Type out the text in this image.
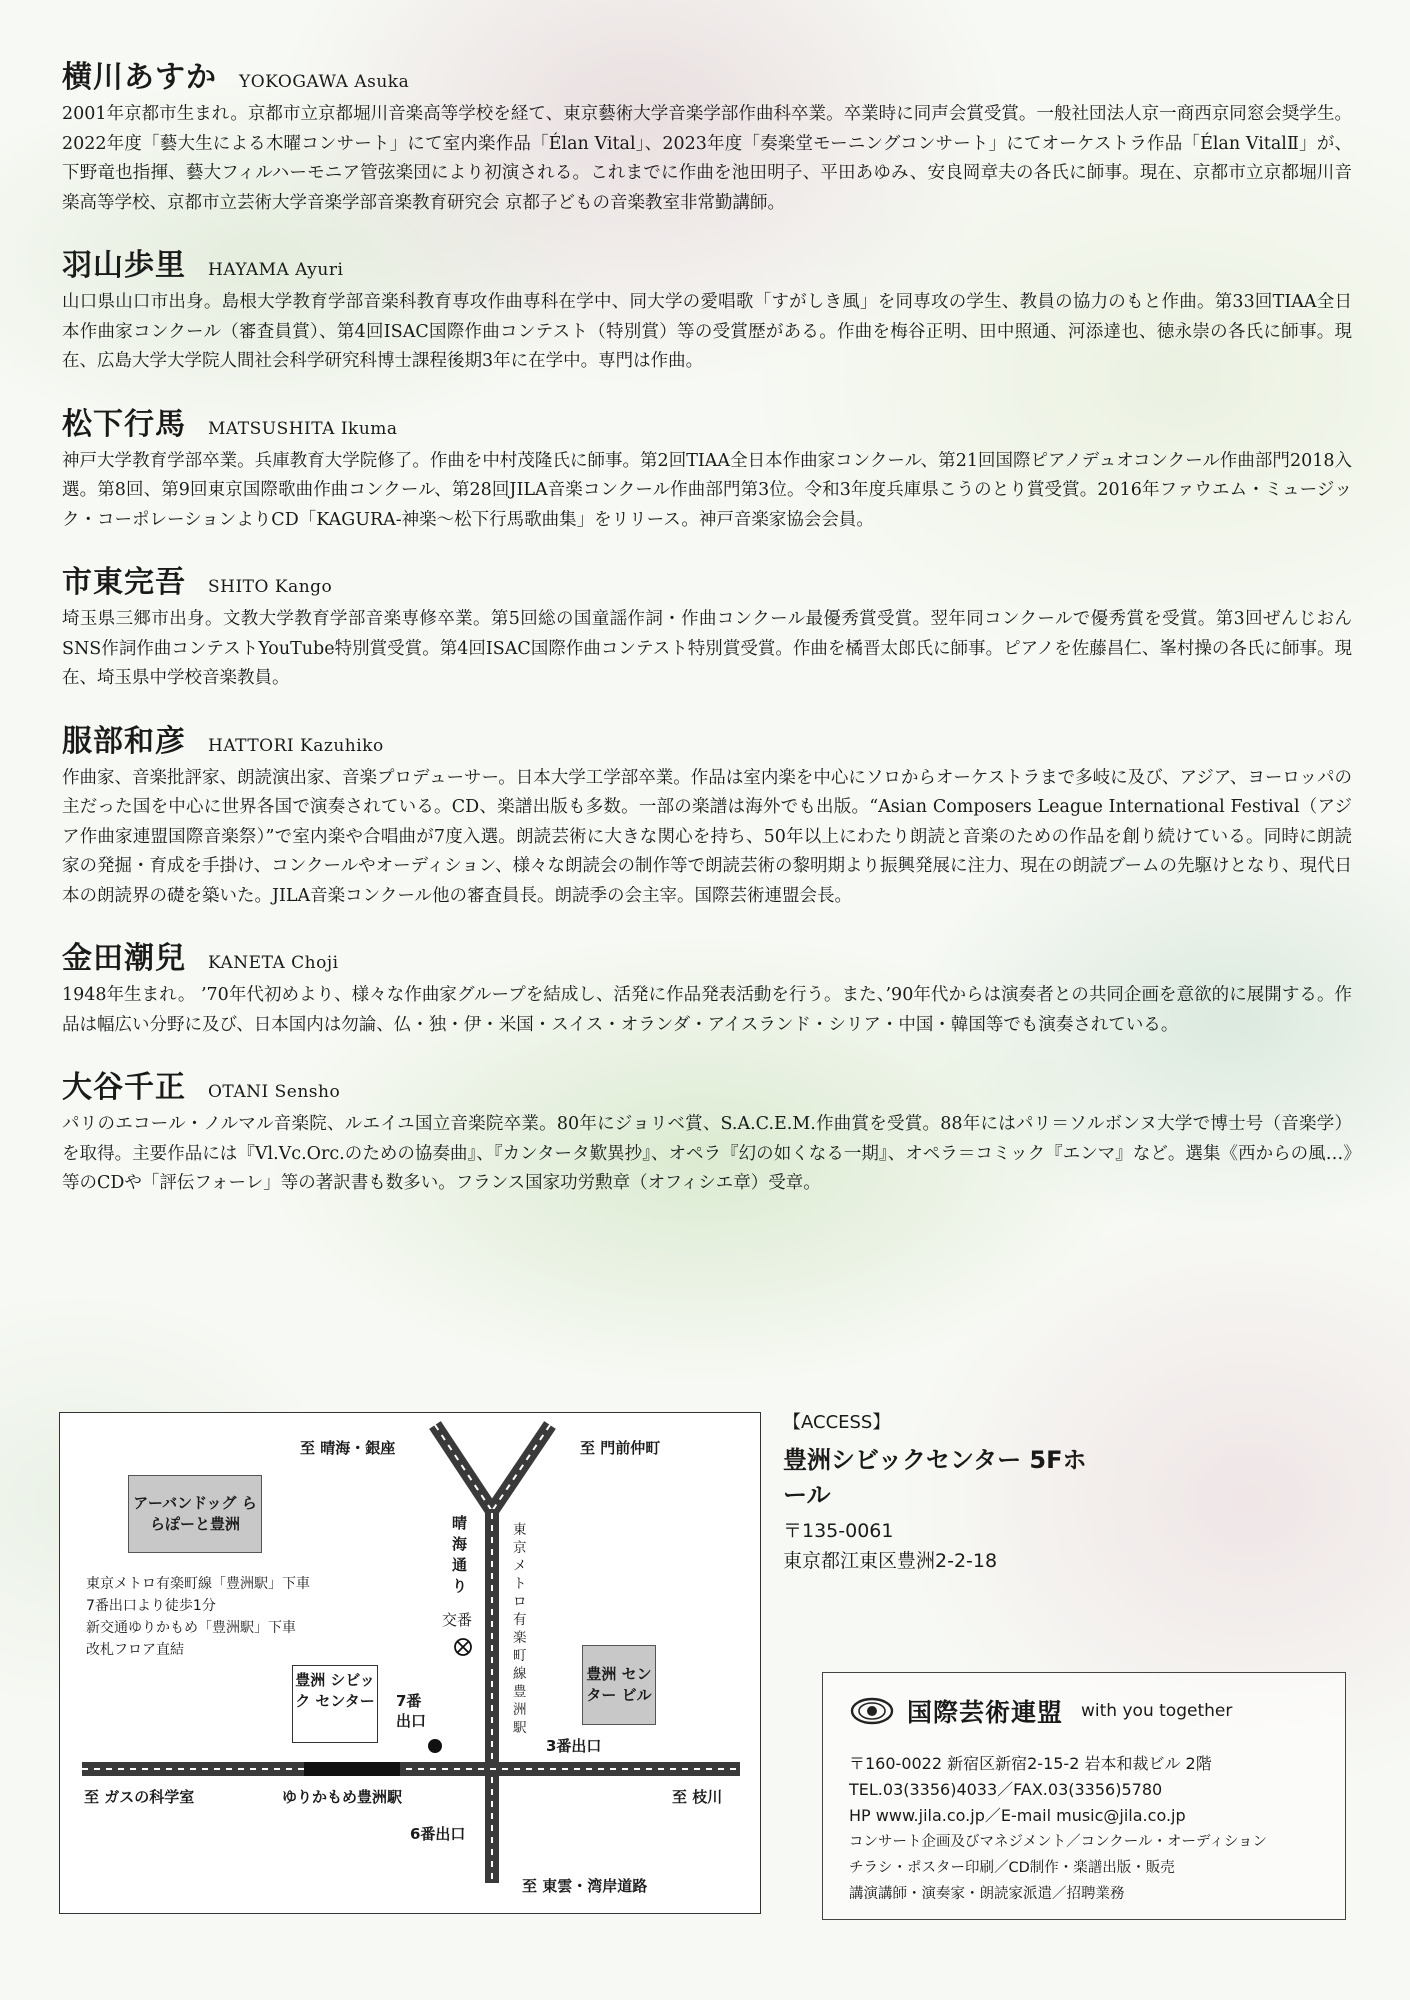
横川あすか YOKOGAWA Asuka
2001年京都市生まれ。京都市立京都堀川音楽高等学校を経て、東京藝術大学音楽学部作曲科卒業。卒業時に同声会賞受賞。一般社団法人京一商西京同窓会奨学生。2022年度「藝大生による木曜コンサート」にて室内楽作品「Élan Vital」、2023年度「奏楽堂モーニングコンサート」にてオーケストラ作品「Élan VitalⅡ」が、下野竜也指揮、藝大フィルハーモニア管弦楽団により初演される。これまでに作曲を池田明子、平田あゆみ、安良岡章夫の各氏に師事。現在、京都市立京都堀川音楽高等学校、京都市立芸術大学音楽学部音楽教育研究会 京都子どもの音楽教室非常勤講師。
羽山歩里 HAYAMA Ayuri
山口県山口市出身。島根大学教育学部音楽科教育専攻作曲専科在学中、同大学の愛唱歌「すがしき風」を同専攻の学生、教員の協力のもと作曲。第33回TIAA全日本作曲家コンクール（審査員賞）、第4回ISAC国際作曲コンテスト（特別賞）等の受賞歴がある。作曲を梅谷正明、田中照通、河添達也、徳永崇の各氏に師事。現在、広島大学大学院人間社会科学研究科博士課程後期3年に在学中。専門は作曲。
松下行馬 MATSUSHITA Ikuma
神戸大学教育学部卒業。兵庫教育大学院修了。作曲を中村茂隆氏に師事。第2回TIAA全日本作曲家コンクール、第21回国際ピアノデュオコンクール作曲部門2018入選。第8回、第9回東京国際歌曲作曲コンクール、第28回JILA音楽コンクール作曲部門第3位。令和3年度兵庫県こうのとり賞受賞。2016年ファウエム・ミュージック・コーポレーションよりCD「KAGURA-神楽～松下行馬歌曲集」をリリース。神戸音楽家協会会員。
市東完吾 SHITO Kango
埼玉県三郷市出身。文教大学教育学部音楽専修卒業。第5回総の国童謡作詞・作曲コンクール最優秀賞受賞。翌年同コンクールで優秀賞を受賞。第3回ぜんじおんSNS作詞作曲コンテストYouTube特別賞受賞。第4回ISAC国際作曲コンテスト特別賞受賞。作曲を橘晋太郎氏に師事。ピアノを佐藤昌仁、峯村操の各氏に師事。現在、埼玉県中学校音楽教員。
服部和彦 HATTORI Kazuhiko
作曲家、音楽批評家、朗読演出家、音楽プロデューサー。日本大学工学部卒業。作品は室内楽を中心にソロからオーケストラまで多岐に及び、アジア、ヨーロッパの主だった国を中心に世界各国で演奏されている。CD、楽譜出版も多数。一部の楽譜は海外でも出版。“Asian Composers League International Festival（アジア作曲家連盟国際音楽祭）”で室内楽や合唱曲が7度入選。朗読芸術に大きな関心を持ち、50年以上にわたり朗読と音楽のための作品を創り続けている。同時に朗読家の発掘・育成を手掛け、コンクールやオーディション、様々な朗読会の制作等で朗読芸術の黎明期より振興発展に注力、現在の朗読ブームの先駆けとなり、現代日本の朗読界の礎を築いた。JILA音楽コンクール他の審査員長。朗読季の会主宰。国際芸術連盟会長。
金田潮兒 KANETA Choji
1948年生まれ。 ’70年代初めより、様々な作曲家グループを結成し、活発に作品発表活動を行う。また、’90年代からは演奏者との共同企画を意欲的に展開する。作品は幅広い分野に及び、日本国内は勿論、仏・独・伊・米国・スイス・オランダ・アイスランド・シリア・中国・韓国等でも演奏されている。
大谷千正 OTANI Sensho
パリのエコール・ノルマル音楽院、ルエイユ国立音楽院卒業。80年にジョリベ賞、S.A.C.E.M.作曲賞を受賞。88年にはパリ＝ソルボンヌ大学で博士号（音楽学）を取得。主要作品には『Vl.Vc.Orc.のための協奏曲』、『カンタータ歎異抄』、オペラ『幻の如くなる一期』、オペラ＝コミック『エンマ』など。選集《西からの風…》等のCDや「評伝フォーレ」等の著訳書も数多い。フランス国家功労勲章（オフィシエ章）受章。
至 晴海・銀座	至 門前仲町
アーバンドッグ ららぽーと豊洲	晴海通り
東京メトロ有楽町線豊洲駅
交番
東京メトロ有楽町線「豊洲駅」下車
7番出口より徒歩1分
新交通ゆりかもめ「豊洲駅」下車
改札フロア直結
豊洲 シビック センター
豊洲 センター ビル
7番 出口
3番出口
至 ガスの科学室	ゆりかもめ豊洲駅	至 枝川
6番出口
至 東雲・湾岸道路
【ACCESS】
豊洲シビックセンター 5Fホール
〒135-0061
東京都江東区豊洲2-2-18
国際芸術連盟 with you together
〒160-0022 新宿区新宿2-15-2 岩本和裁ビル 2階
TEL.03(3356)4033／FAX.03(3356)5780
HP www.jila.co.jp／E-mail music@jila.co.jp
コンサート企画及びマネジメント／コンクール・オーディション
チラシ・ポスター印刷／CD制作・楽譜出版・販売
講演講師・演奏家・朗読家派遣／招聘業務
